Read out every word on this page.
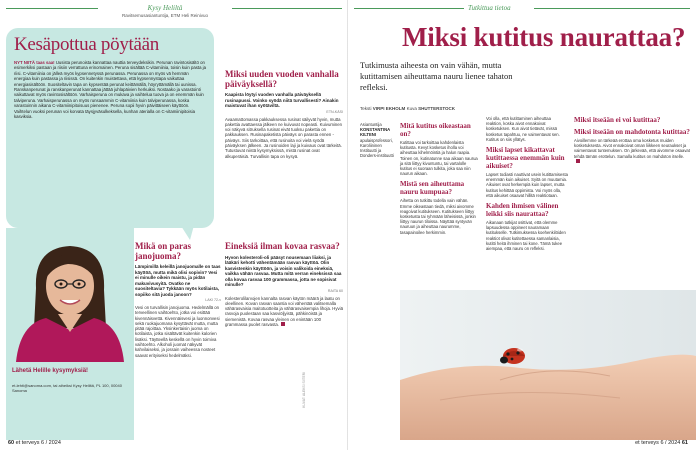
Kysy Heliltä
Ravitsemusasiantuntija, ETM Heli Reinivuo
Kesäpottua pöytään
NYT NIITÄ taas saa! Uusista perunoista kannattaa nauttia terveydeksikin. Perunan ravintosisältö on esimerkiksi pastaan ja riisiin verrattuna erinomainen. Peruna sisältää C-vitamiinia, toisin kuin pasta ja riisi. C-vitamiinia on jälleä myös kypsennetyssä perunassa. Perunassa on myös vä hemmän energiaa kuin pastassa ja riisissä. On kuitenkin muistettava, että kypsennystapa vaikuttaa energiasisältöön. Suositeltavin tapa on kypsentää perunat keittämällä, höyryttämällä tai uunissa. Ranskanperunat ja ranskanperunat kannattaa jättää juhlapäivien herkuiksi. Nostaako ja varastointi vaikuttavat myös ravintosisältöön. Varhaisperuna on mukava ja vaihtelua tuova ja on enemmän kuin talviperuna. Varhaisperunassa on myös runsaammin C-vitamiinia kuin talviperunassa, koska varastoinnin aikana C-vitamiinipitoisuus pienenee. Peruna sopii hyvin päivittäiseen käyttöön. Vaihtelun vuoksi perunan voi korvata täysjyväsulkeksella, kunhan aterialla on C-vitamiinipitoisia kasviksia.
Lähetä Helille kysymyksiä!
et-lehti@sanoma.com, tai aiheiksi Kysy Heliltä, PL 100, 00040 Sanoma
Mikä on paras janojuoma?
Lämpimillä keleillä janojuomalle on taas käyttöä, mutta mikä olisi sopivin? Vesi ei minulle oikein maistu, ja pidän makuvivusyitä. Ovatko ne suositeltavia? Tykkään myös kotilaista, sopiiko sitä juoda janoon?
LAKI 72-v
Vesi on turvallisin janojuoma. Hedelmällä on terveellinen vaihtoehto, jotka voi esittää kivennäisvettä. Kivennäisvesi ja luonnonvesi sekä ruokajuomana kysyttävät mutta, mutta pitää rajoittaa. Yksinkertaisin juoma on kotilaista, jotka sisältävät kuitenkin kalorien lisäksi. Täytteellä keskellä on hyvin toimiva vaihtoehto. Alkoholi juomat näkyvät kahvilaiseksi, ja jossain vaiheessa nosteet saavat erityiseksi hedelmäksi.
Miksi uuden vuoden vanhalla päiväyksellä?
Kaapista löytyi vuoden vanhalla päiväyksellä rusinapussi. Voinko syödä niitä turvallisesti? Ainakin maistuvat ihan syötäviltä.
ETN-KÄSI
Avaamattomassa pakkauksessa rusinat säilyvät hyvin, mutta pakettia avattaessa jälkeen ne kuivuvat nopeasti. Kuivuminen voi näkyvä sitruksella rusinat eivät tuoksu pakettia on pakkauksen. Rusinapaketista päiväys on parasta ennen -päiväys. Siis tarkoittaa, että rusinoita voi vielä syödä päiväyksen jälkeen. Ja rusinoiden laji ja kuivaus ovat tärkeitä. Tutustuvat niistä kysymyksissä, mistä rusinat ovat alkuperäisiä. Turvallisin tapa on kysyä.
Eineksiä ilman kovaa rasvaa?
Hyvon kolesteroli-oli pääsyt nousemaan liiaksi, ja lääkäri kehotti vähentämään rasvan käyttöä. Olin kasvistenkin käyttöön, ja voisin valikoida eineksiä, vaikka vähän rasvaa. Mutta mitä verran eineksissä saa olla kovaa rasvaa 100 grammassa, jotta ne sopisivat minulle?
RAITA 60
Kolesterolilarvojen kannalta rasvan käytön määrä ja laatu on oleellinen. Kovan rasvan saantia voi vähentää valitsemalla vähärasvaisia maitotuotteita ja vähärasvaisempia lihoja. Hyviä rasvoja puolestaan saa kasviöljyistä, pähkinöistä ja siemenistä. Kovaa rasvaa yleinen on enintään 100 grammassa puolet rasvasta.
KUVAT: ALEKSI SIITERI
60 et terveys 6 / 2024
Tutkittua tietoa
Miksi kutitus naurattaa?
Tutkimusta aiheesta on vain vähän, mutta kutittamisen aiheuttama nauru lienee tahaton refleksi.
Teksti VIRPI EKHOLM Kuva SHUTTERSTOCK
Asiantuntija
KONSTANTINA KILTENI
apulaisprofessori, Karoliininen Instituutti ja Donders-instituutti
Mitä kutitus oikeastaan on?
Kutittaa voi tarkoittaa kahdenlaista kutitusta. Kevyt kosketus iholla voi aiheuttaa kihelmöintiä ja halun raapia. Toinen on, kutinatunne saa aikaan naurua ja sitä liittyy kivuntuntu, tai vartalolle kutitus ei suoraan tulkita, joka saa niin naurun aikaan.
Mistä sen aiheuttama nauru kumpuaa?
Aihetta on tutkittu todella vain vähän. Emme oikeastaan tiedä, miksi aivomme reagoivat kutitukseen. Kutitukseen liittyy kosketusta tai ryhmään läheisissä, jonkin liittyy naurun tiloissa. Näyttää syntyvän nauruun ja aiheuttaa naurumme, tasapainoilee herkimmin.
Voi olla, että kutittaminen aiheuttaa reaktion, koska aivot ennakoivat kosketuksen. Kun aivot tietävät, missä kosketus tapahtuu, ne vaimentavat sen. Kutitus on siis yllätys.
Miksi lapset kikattavat kutittaessa enemmän kuin aikuiset?
Lapset todiasti nauttivat usein kutittamisesta enemmän kuin aikuiset. Syitä on muutamia. Aikuiset ovat herkempiä kuin lapset, mutta kutitus kehittää oppimista. Voi myös olla, että aikuiset osaavat hillitä reaktiotaan.
Kahden ihmisen välinen leikki siis naurattaa?
Aikanaan tutkijat osittivat, että olemme lapsuudessa oppineet nauramaan kutitukselle. Tutkimuksessa koehenkilöiden reaktiot olivat kutitettaessa samanlaisia, kutitti heitä ihminen tai kone. Tämä tukee aiempaa, että nauru on refleksi.
Miksi itseään ei voi kutittaa?
Miksi itseään on mahdotonta kutittaa?
Aivoillemme on tärkeää erottaa oma kosketus muiden kosketuksesta. Aivot ennakoivat oman liikkeen seuraukset ja vaimentavat tuntemuksen. On järkevää, että aivomme osaavat tehdä tämän erottelun. Samalla kutitus on mahdoton itselle.
et terveys 6 / 2024 61
